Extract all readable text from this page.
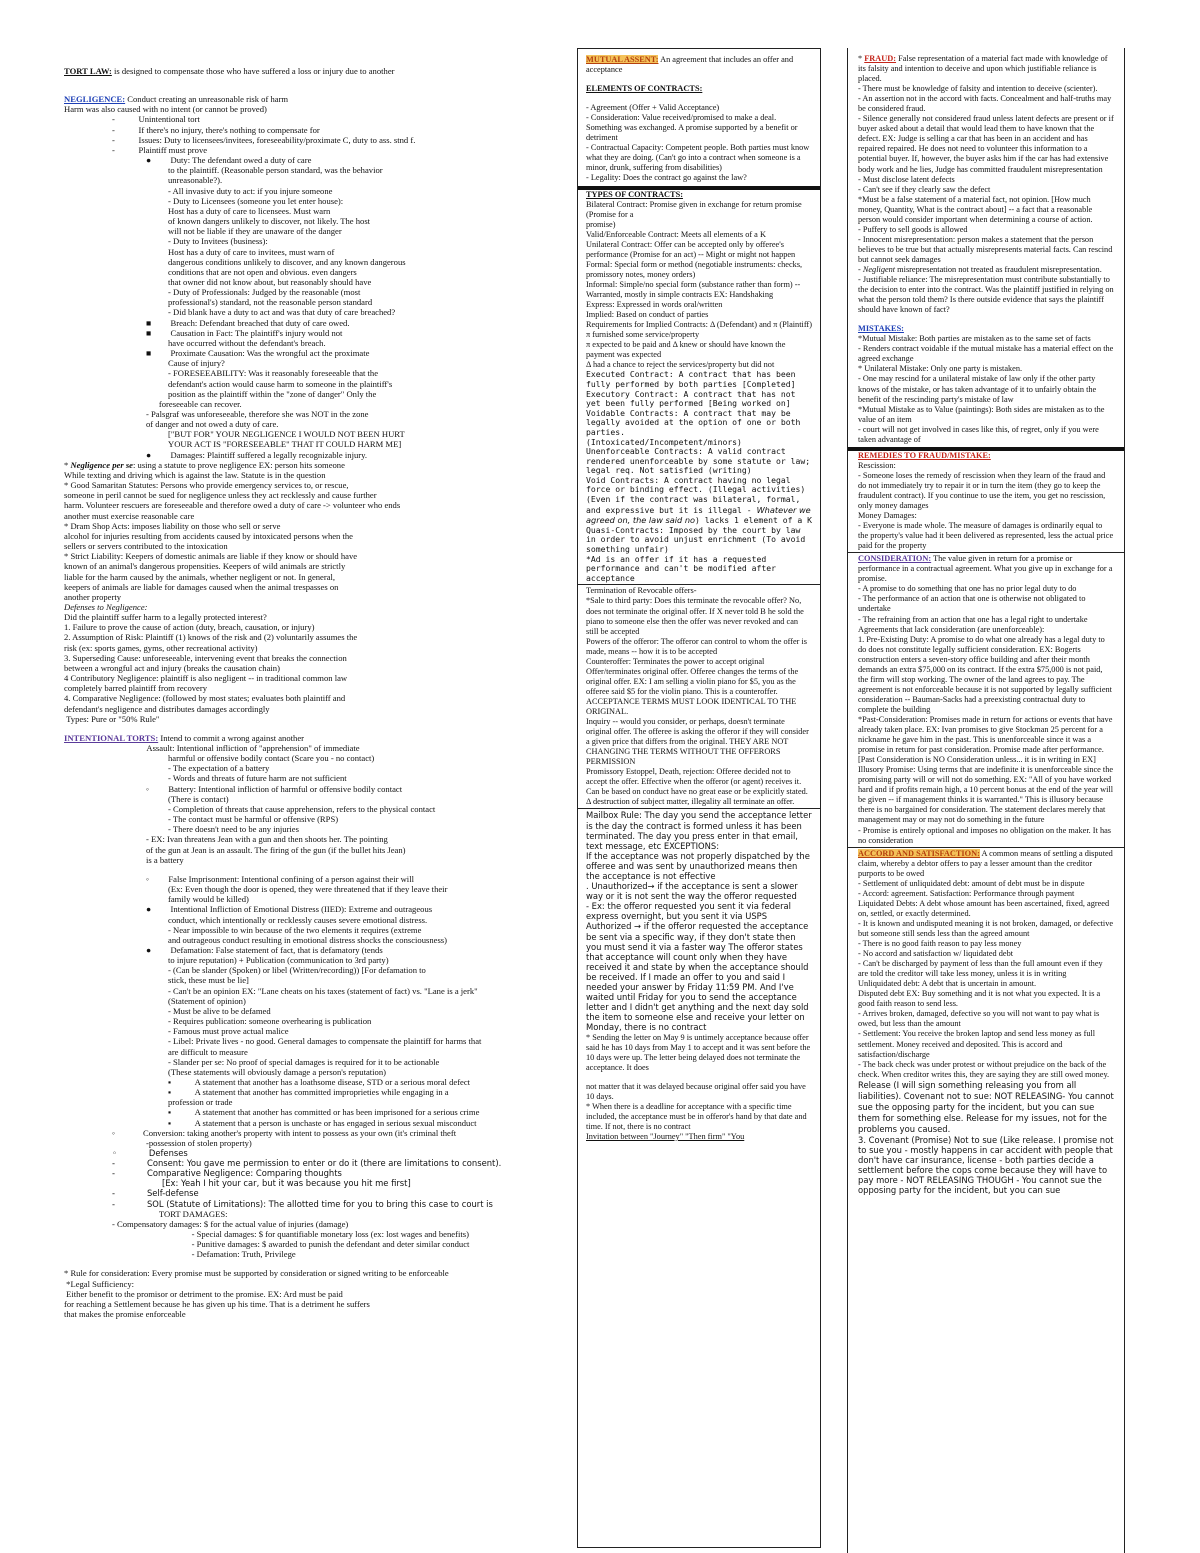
TORT LAW: is designed to compensate those who have suffered a loss or injury due to another

NEGLIGENCE: Conduct creating an unreasonable risk of harm

Harm was also caused with no intent (or cannot be proved)

-           Unintentional tort

-           If there's no injury, there's nothing to compensate for

-           Issues: Duty to licensees/invitees, foreseeability/proximate C, duty to ass. stnd f.

-           Plaintiff must prove

●         Duty: The defendant owed a duty of care

to the plaintiff. (Reasonable person standard, was the behavior

unreasonable?).

- All invasive duty to act: if you injure someone

- Duty to Licensees (someone you let enter house):

Host has a duty of care to licensees. Must warn

of known dangers unlikely to discover, not likely. The host

will not be liable if they are unaware of the danger

- Duty to Invitees (business):

Host has a duty of care to invitees, must warn of

dangerous conditions unlikely to discover, and any known dangerous

conditions that are not open and obvious. even dangers

that owner did not know about, but reasonably should have

- Duty of Professionals: Judged by the reasonable (most

professional's) standard, not the reasonable person standard

- Did blank have a duty to act and was that duty of care breached?

■         Breach: Defendant breached that duty of care owed.

■         Causation in Fact: The plaintiff's injury would not

have occurred without the defendant's breach.

■         Proximate Causation: Was the wrongful act the proximate

Cause of injury?

- FORESEEABILITY: Was it reasonably foreseeable that the

defendant's action would cause harm to someone in the plaintiff's

position as the plaintiff within the "zone of danger" Only the

foreseeable can recover.

- Palsgraf was unforeseeable, therefore she was NOT in the zone

of danger and not owed a duty of care.

["BUT FOR" YOUR NEGLIGENCE I WOULD NOT BEEN HURT

YOUR ACT IS "FORESEEABLE" THAT IT COULD HARM ME]

●         Damages: Plaintiff suffered a legally recognizable injury.

* Negligence per se: using a statute to prove negligence EX: person hits someone

While texting and driving which is against the law. Statute is in the question

* Good Samaritan Statutes: Persons who provide emergency services to, or rescue,

someone in peril cannot be sued for negligence unless they act recklessly and cause further

harm. Volunteer rescuers are foreseeable and therefore owed a duty of care -> volunteer who ends

another must exercise reasonable care

* Dram Shop Acts: imposes liability on those who sell or serve

alcohol for injuries resulting from accidents caused by intoxicated persons when the

sellers or servers contributed to the intoxication

* Strict Liability: Keepers of domestic animals are liable if they know or should have

known of an animal's dangerous propensities. Keepers of wild animals are strictly

liable for the harm caused by the animals, whether negligent or not. In general,

keepers of animals are liable for damages caused when the animal trespasses on

another property

Defenses to Negligence:

Did the plaintiff suffer harm to a legally protected interest?

1. Failure to prove the cause of action (duty, breach, causation, or injury)

2. Assumption of Risk: Plaintiff (1) knows of the risk and (2) voluntarily assumes the

risk (ex: sports games, gyms, other recreational activity)

3. Superseding Cause: unforeseeable, intervening event that breaks the connection

between a wrongful act and injury (breaks the causation chain)

4 Contributory Negligence: plaintiff is also negligent -- in traditional common law

completely barred plaintiff from recovery

4. Comparative Negligence: (followed by most states; evaluates both plaintiff and

defendant's negligence and distributes damages accordingly

Types: Pure or "50% Rule"

INTENTIONAL TORTS: Intend to commit a wrong against another

Assault: Intentional infliction of "apprehension" of immediate

harmful or offensive bodily contact (Scare you - no contact)

- The expectation of a battery

- Words and threats of future harm are not sufficient

◦         Battery: Intentional infliction of harmful or offensive bodily contact

(There is contact)

- Completion of threats that cause apprehension, refers to the physical contact

- The contact must be harmful or offensive (RPS)

- There doesn't need to be any injuries

- EX: Ivan threatens Jean with a gun and then shoots her. The pointing

of the gun at Jean is an assault. The firing of the gun (if the bullet hits Jean)

is a battery

◦         False Imprisonment: Intentional confining of a person against their will

(Ex: Even though the door is opened, they were threatened that if they leave their

family would be killed)

●         Intentional Infliction of Emotional Distress (IIED): Extreme and outrageous

conduct, which intentionally or recklessly causes severe emotional distress.

- Near impossible to win because of the two elements it requires (extreme

and outrageous conduct resulting in emotional distress shocks the consciousness)

●         Defamation: False statement of fact, that is defamatory (tends

to injure reputation) + Publication (communication to 3rd party)

- (Can be slander (Spoken) or libel (Written/recording)) [For defamation to

stick, these must be lie]

- Can't be an opinion EX: "Lane cheats on his taxes (statement of fact) vs. "Lane is a jerk"

(Statement of opinion)

- Must be alive to be defamed

- Requires publication: someone overhearing is publication

- Famous must prove actual malice

- Libel: Private lives - no good. General damages to compensate the plaintiff for harms that

are difficult to measure

- Slander per se: No proof of special damages is required for it to be actionable

(These statements will obviously damage a person's reputation)

▪           A statement that another has a loathsome disease, STD or a serious moral defect

▪           A statement that another has committed improprieties while engaging in a

profession or trade

▪           A statement that another has committed or has been imprisoned for a serious crime

▪           A statement that a person is unchaste or has engaged in serious sexual misconduct

◦             Conversion: taking another's property with intent to possess as your own (it's criminal theft

-possession of stolen property)

◦            Defenses

-            Consent: You gave me permission to enter or do it (there are limitations to consent).

-            Comparative Negligence: Comparing thoughts

[Ex: Yeah I hit your car, but it was because you hit me first]

-            Self-defense

-            SOL (Statute of Limitations): The allotted time for you to bring this case to court is

TORT DAMAGES:

- Compensatory damages: $ for the actual value of injuries (damage)

- Special damages: $ for quantifiable monetary loss (ex: lost wages and benefits)

- Punitive damages: $ awarded to punish the defendant and deter similar conduct

- Defamation: Truth, Privilege

* Rule for consideration: Every promise must be supported by consideration or signed writing to be enforceable

*Legal Sufficiency:

Either benefit to the promisor or detriment to the promise. EX: Ard must be paid

for reaching a Settlement because he has given up his time. That is a detriment he suffers

that makes the promise enforceable

MUTUAL ASSENT: An agreement that includes an offer and acceptance

ELEMENTS OF CONTRACTS:

- Agreement (Offer + Valid Acceptance)

- Consideration: Value received/promised to make a deal. Something was exchanged. A promise supported by a benefit or detriment

- Contractual Capacity: Competent people. Both parties must know what they are doing. (Can't go into a contract when someone is a minor, drunk, suffering from disabilities)

- Legality: Does the contract go against the law?

TYPES OF CONTRACTS:

Bilateral Contract: Promise given in exchange for return promise (Promise for a

promise)

Valid/Enforceable Contract: Meets all elements of a K

Unilateral Contract: Offer can be accepted only by offeree's performance (Promise for an act) -- Might or might not happen

Formal: Special form or method (negotiable instruments: checks, promissory notes, money orders)

Informal: Simple/no special form (substance rather than form) -- Warranted, mostly in simple contracts EX: Handshaking

Express: Expressed in words oral/written

Implied: Based on conduct of parties

Requirements for Implied Contracts: Δ (Defendant) and π (Plaintiff)

π furnished some service/property

π expected to be paid and Δ knew or should have known the payment was expected

Δ had a chance to reject the services/property but did not

Executed Contract: A contract that has been fully performed by both parties [Completed]

Executory Contract: A contract that has not yet been fully performed [Being worked on]

Voidable Contracts: A contract that may be legally avoided at the option of one or both parties.

(Intoxicated/Incompetent/minors)

Unenforceable Contracts: A valid contract rendered unenforceable by some statute or law; legal req. Not satisfied (writing)

Void Contracts: A contract having no legal force or binding effect. (Illegal activities)

(Even if the contract was bilateral, formal, and expressive but it is illegal - Whatever we agreed on, the law said no) lacks 1 element of a K

Quasi-Contracts: Imposed by the court by law in order to avoid unjust enrichment (To avoid something unfair)

*Ad is an offer if it has a requested performance and can't be modified after acceptance

Termination of Revocable offers-

*Sale to third party: Does this terminate the revocable offer? No, does not terminate the original offer. If X never told B he sold the piano to someone else then the offer was never revoked and can still be accepted

Powers of the offeror: The offeror can control to whom the offer is made, means -- how it is to be accepted

Counteroffer: Terminates the power to accept original Offer/terminates original offer. Offeree changes the terms of the original offer. EX: I am selling a violin piano for $5, you as the offeree said $5 for the violin piano. This is a counteroffer. ACCEPTANCE TERMS MUST LOOK IDENTICAL TO THE ORIGINAL.

Inquiry -- would you consider, or perhaps, doesn't terminate original offer. The offeree is asking the offeror if they will consider a given price that differs from the original. THEY ARE NOT CHANGING THE TERMS WITHOUT THE OFFERORS PERMISSION

Promissory Estoppel, Death, rejection: Offeree decided not to accept the offer. Effective when the offeror (or agent) receives it. Can be based on conduct have no great ease or be explicitly stated. Δ destruction of subject matter, illegality all terminate an offer.

Mailbox Rule: The day you send the acceptance letter is the day the contract is formed unless it has been terminated. The day you press enter in that email, text message, etc EXCEPTIONS:

If the acceptance was not properly dispatched by the offeree and was sent by unauthorized means then the acceptance is not effective

. Unauthorized→ if the acceptance is sent a slower way or it is not sent the way the offeror requested

- Ex: the offeror requested you sent it via federal express overnight, but you sent it via USPS

Authorized → if the offeror requested the acceptance be sent via a specific way, if they don't state then you must send it via a faster way The offeror states that acceptance will count only when they have received it and state by when the acceptance should be received. If I made an offer to you and said I needed your answer by Friday 11:59 PM. And I've waited until Friday for you to send the acceptance letter and I didn't get anything and the next day sold the item to someone else and receive your letter on Monday, there is no contract

* Sending the letter on May 9 is untimely acceptance because offer said he has 10 days from May 1 to accept and it was sent before the 10 days were up. The letter being delayed does not terminate the acceptance. It does

not matter that it was delayed because original offer said you have 10 days.

* When there is a deadline for acceptance with a specific time included, the acceptance must be in offeror's hand by that date and time. If not, there is no contract

Invitation between "Journey" "Then firm" "You

* FRAUD: False representation of a material fact made with knowledge of its falsity and intention to deceive and upon which justifiable reliance is placed.

- There must be knowledge of falsity and intention to deceive (scienter).

- An assertion not in the accord with facts. Concealment and half-truths may be considered fraud.

- Silence generally not considered fraud unless latent defects are present or if buyer asked about a detail that would lead them to have known that the defect. EX: Judge is selling a car that has been in an accident and has repaired repaired. He does not need to volunteer this information to a potential buyer. If, however, the buyer asks him if the car has had extensive body work and he lies, Judge has committed fraudulent misrepresentation

- Must disclose latent defects

- Can't see if they clearly saw the defect

*Must be a false statement of a material fact, not opinion. [How much money, Quantity, What is the contract about] -- a fact that a reasonable person would consider important when determining a course of action.

- Puffery to sell goods is allowed

- Innocent misrepresentation: person makes a statement that the person believes to be true but that actually misrepresents material facts. Can rescind but cannot seek damages

- Negligent misrepresentation not treated as fraudulent misrepresentation.

- Justifiable reliance: The misrepresentation must contribute substantially to the decision to enter into the contract. Was the plaintiff justified in relying on what the person told them? Is there outside evidence that says the plaintiff should have known of fact?

MISTAKES:

*Mutual Mistake: Both parties are mistaken as to the same set of facts

- Renders contract voidable if the mutual mistake has a material effect on the agreed exchange

* Unilateral Mistake: Only one party is mistaken.

- One may rescind for a unilateral mistake of law only if the other party knows of the mistake, or has taken advantage of it to unfairly obtain the benefit of the rescinding party's mistake of law

*Mutual Mistake as to Value (paintings): Both sides are mistaken as to the value of an item

- court will not get involved in cases like this, of regret, only if you were taken advantage of

REMEDIES TO FRAUD/MISTAKE:

Rescission:

- Someone loses the remedy of rescission when they learn of the fraud and do not immediately try to repair it or in turn the item (they go to keep the fraudulent contract). If you continue to use the item, you get no rescission, only money damages

Money Damages:

- Everyone is made whole. The measure of damages is ordinarily equal to the property's value had it been delivered as represented, less the actual price paid for the property

CONSIDERATION: The value given in return for a promise or performance in a contractual agreement. What you give up in exchange for a promise.

- A promise to do something that one has no prior legal duty to do

- The performance of an action that one is otherwise not obligated to undertake

- The refraining from an action that one has a legal right to undertake

Agreements that lack consideration (are unenforceable):

1. Pre-Existing Duty: A promise to do what one already has a legal duty to do does not constitute legally sufficient consideration. EX: Bogerts construction enters a seven-story office building and after their month demands an extra $75,000 on its contract. If the extra $75,000 is not paid, the firm will stop working. The owner of the land agrees to pay. The agreement is not enforceable because it is not supported by legally sufficient consideration -- Bauman-Sacks had a preexisting contractual duty to complete the building

*Past-Consideration: Promises made in return for actions or events that have already taken place. EX: Ivan promises to give Stockman 25 percent for a nickname he gave him in the past. This is unenforceable since it was a promise in return for past consideration. Promise made after performance.

[Past Consideration is NO Consideration unless... it is in writing in EX]

Illusory Promise: Using terms that are indefinite it is unenforceable since the promising party will or will not do something. EX: "All of you have worked hard and if profits remain high, a 10 percent bonus at the end of the year will be given -- if management thinks it is warranted." This is illusory because there is no bargained for consideration. The statement declares merely that management may or may not do something in the future

- Promise is entirely optional and imposes no obligation on the maker. It has no consideration

ACCORD AND SATISFACTION: A common means of settling a disputed claim, whereby a debtor offers to pay a lesser amount than the creditor purports to be owed

- Settlement of unliquidated debt: amount of debt must be in dispute

- Accord: agreement. Satisfaction: Performance through payment

Liquidated Debts: A debt whose amount has been ascertained, fixed, agreed on, settled, or exactly determined.

- It is known and undisputed meaning it is not broken, damaged, or defective but someone still sends less than the agreed amount

- There is no good faith reason to pay less money

- No accord and satisfaction w/ liquidated debt

- Can't be discharged by payment of less than the full amount even if they are told the creditor will take less money, unless it is in writing

Unliquidated debt: A debt that is uncertain in amount.

Disputed debt EX: Buy something and it is not what you expected. It is a good faith reason to send less.

- Arrives broken, damaged, defective so you will not want to pay what is owed, but less than the amount

- Settlement: You receive the broken laptop and send less money as full settlement. Money received and deposited. This is accord and satisfaction/discharge

- The back check was under protest or without prejudice on the back of the check. When creditor writes this, they are saying they are still owed money. Release (I will sign something releasing you from all liabilities). Covenant not to sue: NOT RELEASING- You cannot sue the opposing party for the incident, but you can sue them for something else. Release for my issues, not for the problems you caused.

3. Covenant (Promise) Not to sue (Like release. I promise not to sue you - mostly happens in car accident with people that don't have car insurance, license - both parties decide a settlement before the cops come because they will have to pay more - NOT RELEASING THOUGH - You cannot sue the opposing party for the incident, but you can sue
